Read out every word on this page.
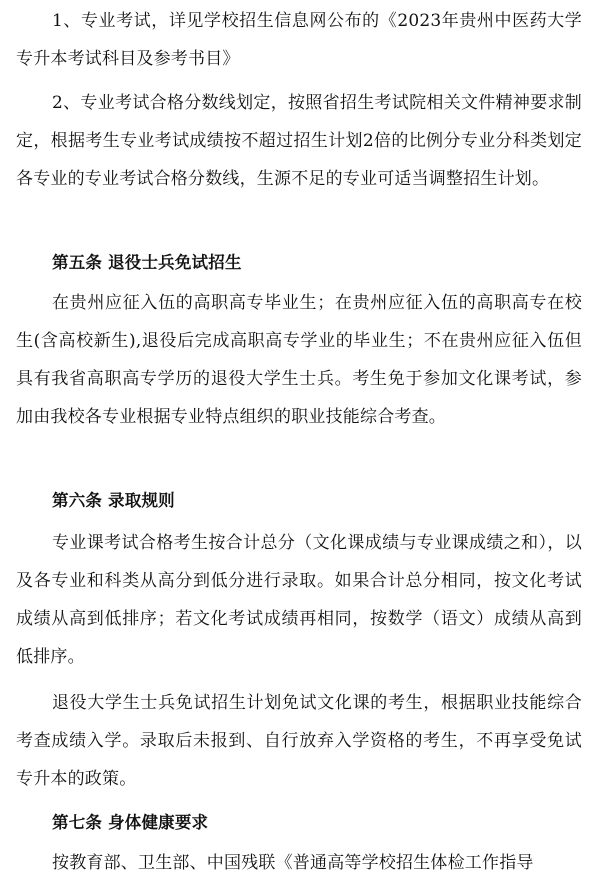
1、专业考试，详见学校招生信息网公布的《2023年贵州中医药大学专升本考试科目及参考书目》

2、专业考试合格分数线划定，按照省招生考试院相关文件精神要求制定，根据考生专业考试成绩按不超过招生计划2倍的比例分专业分科类划定各专业的专业考试合格分数线，生源不足的专业可适当调整招生计划。

第五条 退役士兵免试招生

在贵州应征入伍的高职高专毕业生；在贵州应征入伍的高职高专在校生(含高校新生),退役后完成高职高专学业的毕业生；不在贵州应征入伍但具有我省高职高专学历的退役大学生士兵。考生免于参加文化课考试，参加由我校各专业根据专业特点组织的职业技能综合考查。

第六条 录取规则

专业课考试合格考生按合计总分（文化课成绩与专业课成绩之和），以及各专业和科类从高分到低分进行录取。如果合计总分相同，按文化考试成绩从高到低排序；若文化考试成绩再相同，按数学（语文）成绩从高到低排序。

退役大学生士兵免试招生计划免试文化课的考生，根据职业技能综合考查成绩入学。录取后未报到、自行放弃入学资格的考生，不再享受免试专升本的政策。

第七条 身体健康要求

按教育部、卫生部、中国残联《普通高等学校招生体检工作指导
